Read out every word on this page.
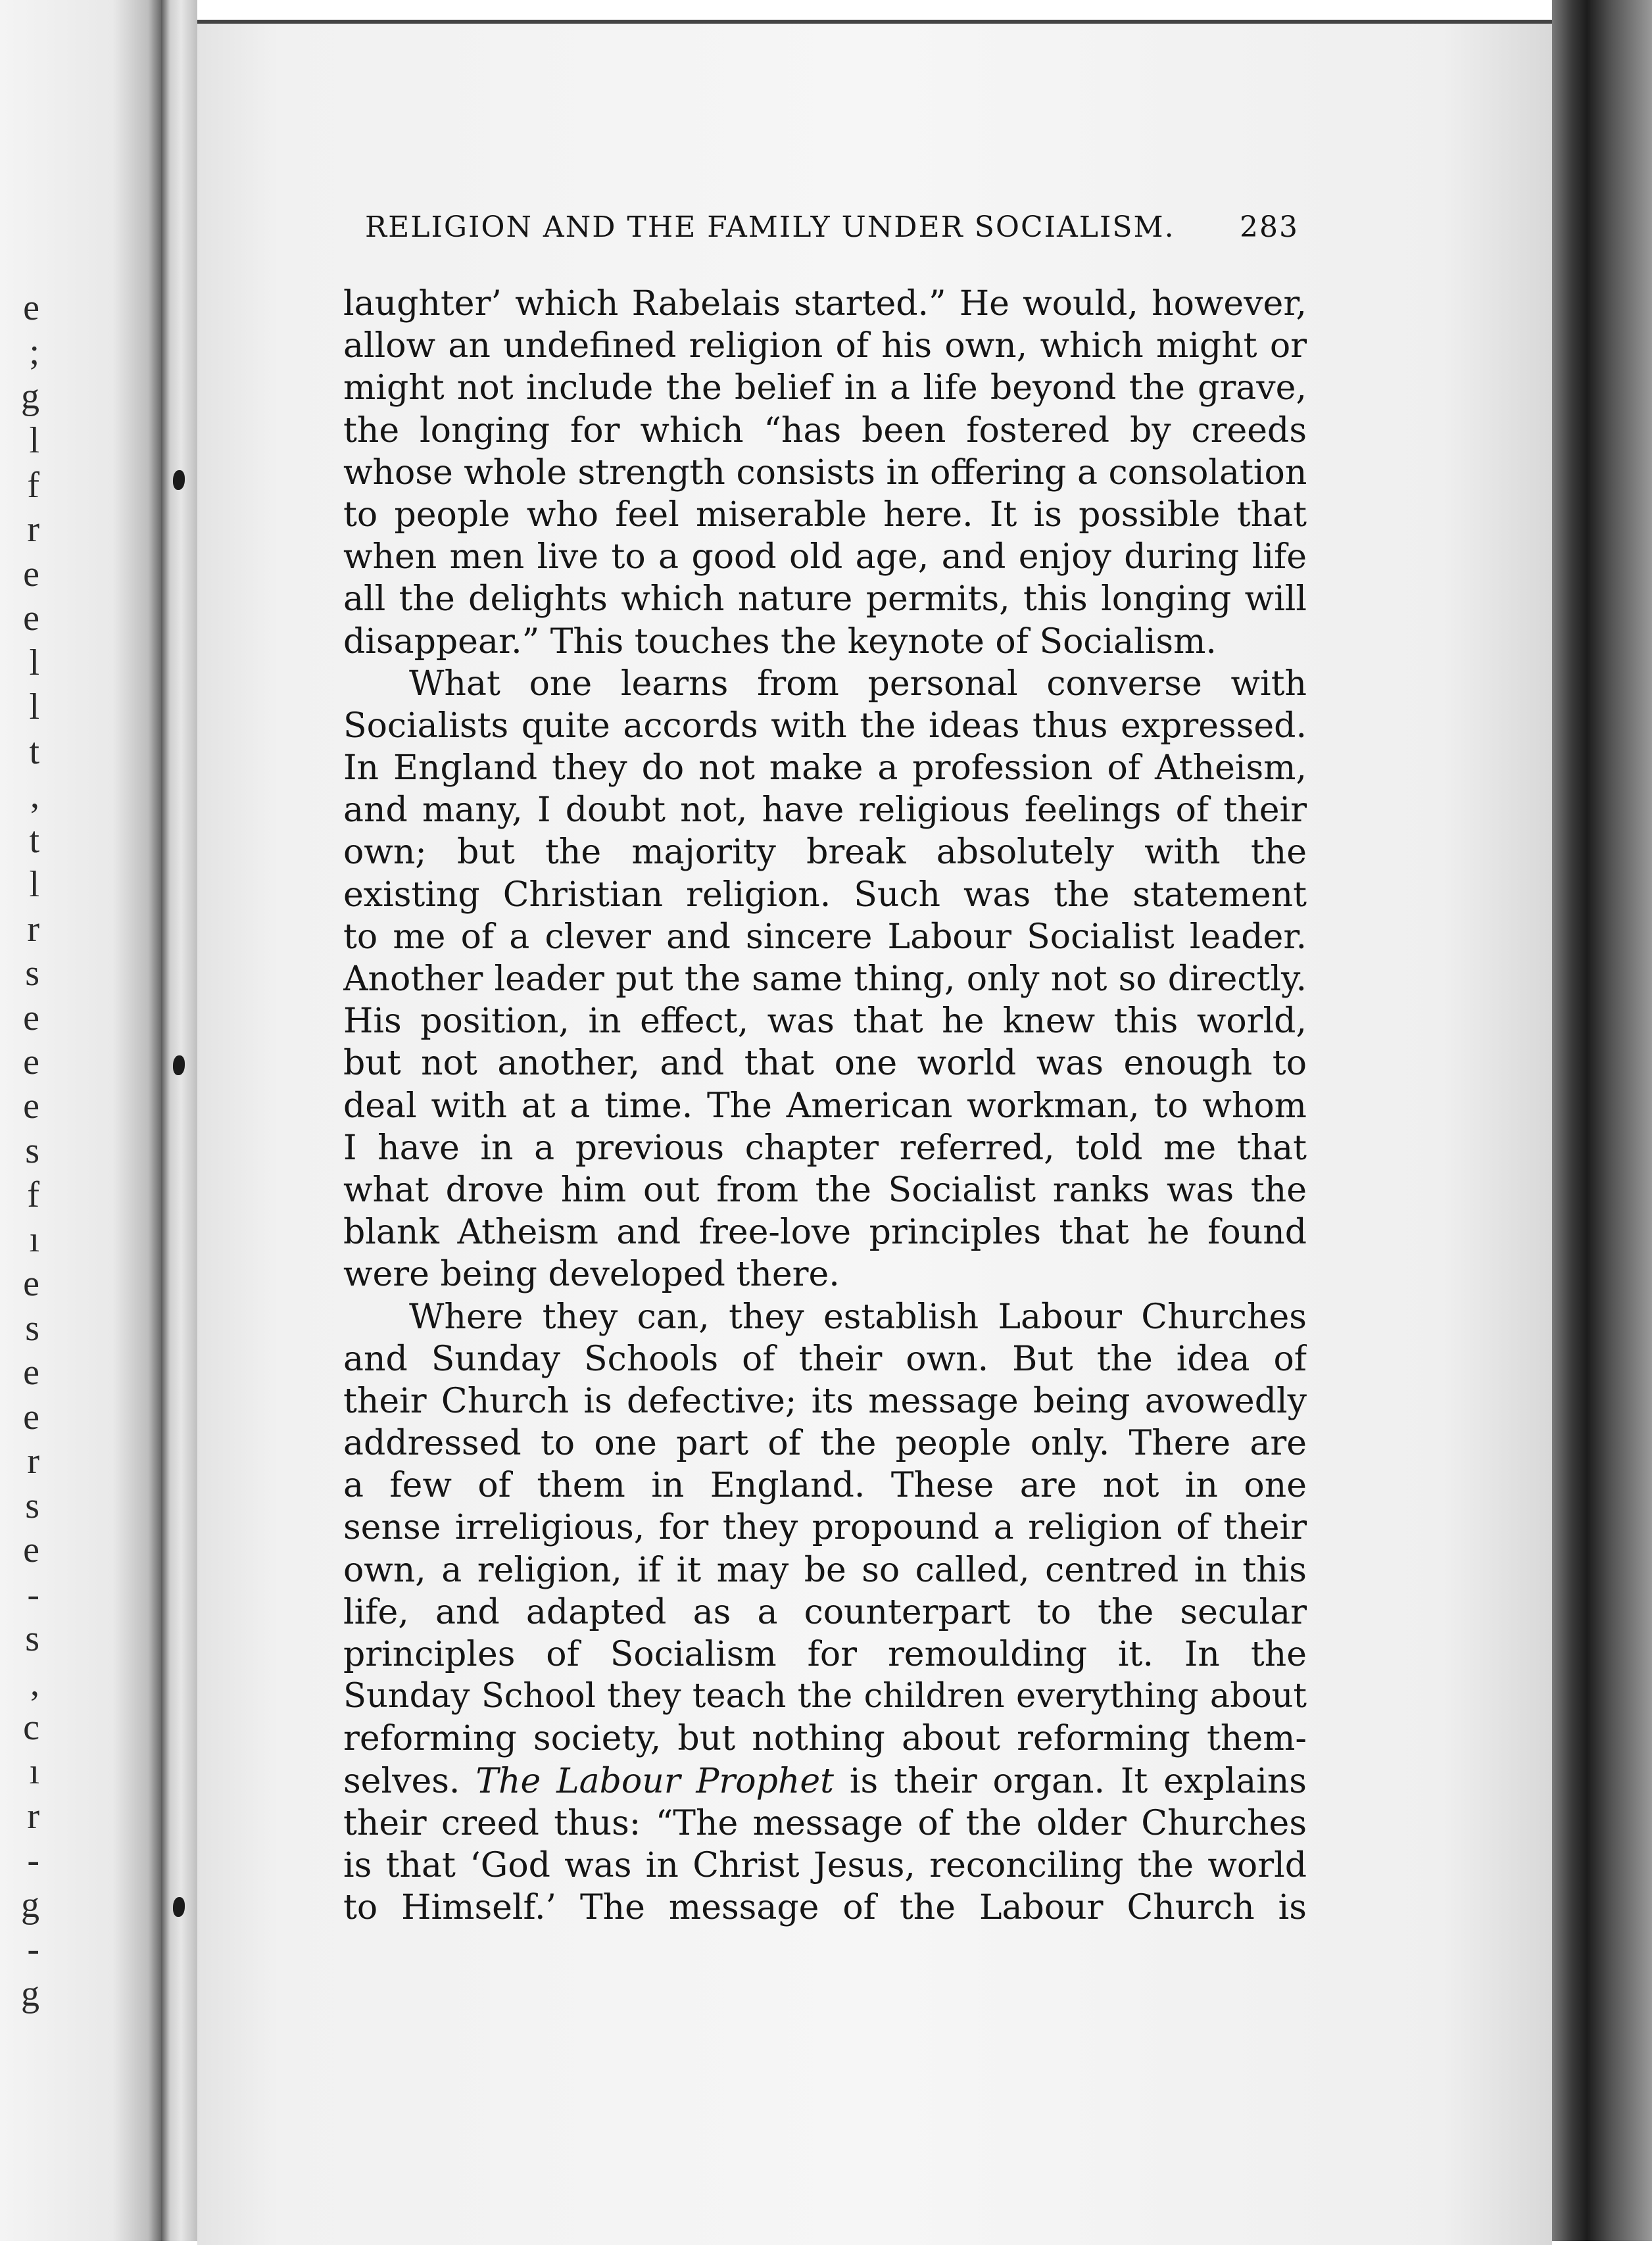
e
;
g
l
f
r
e
e
l
l
t
,
t
l
r
s
e
e
e
s
f
ı
e
s
e
e
r
s
e
-
s
,
c
ı
r
-
g
-
g
RELIGION AND THE FAMILY UNDER SOCIALISM. 283
laughter’ which Rabelais started.” He would, however,
allow an undefined religion of his own, which might or
might not include the belief in a life beyond the grave,
the longing for which “has been fostered by creeds
whose whole strength consists in offering a consolation
to people who feel miserable here. It is possible that
when men live to a good old age, and enjoy during life
all the delights which nature permits, this longing will
disappear.” This touches the keynote of Socialism.
What one learns from personal converse with
Socialists quite accords with the ideas thus expressed.
In England they do not make a profession of Atheism,
and many, I doubt not, have religious feelings of their
own; but the majority break absolutely with the
existing Christian religion. Such was the statement
to me of a clever and sincere Labour Socialist leader.
Another leader put the same thing, only not so directly.
His position, in effect, was that he knew this world,
but not another, and that one world was enough to
deal with at a time. The American workman, to whom
I have in a previous chapter referred, told me that
what drove him out from the Socialist ranks was the
blank Atheism and free-love principles that he found
were being developed there.
Where they can, they establish Labour Churches
and Sunday Schools of their own. But the idea of
their Church is defective; its message being avowedly
addressed to one part of the people only. There are
a few of them in England. These are not in one
sense irreligious, for they propound a religion of their
own, a religion, if it may be so called, centred in this
life, and adapted as a counterpart to the secular
principles of Socialism for remoulding it. In the
Sunday School they teach the children everything about
reforming society, but nothing about reforming them-
selves. The Labour Prophet is their organ. It explains
their creed thus: “The message of the older Churches
is that ‘God was in Christ Jesus, reconciling the world
to Himself.’ The message of the Labour Church is
